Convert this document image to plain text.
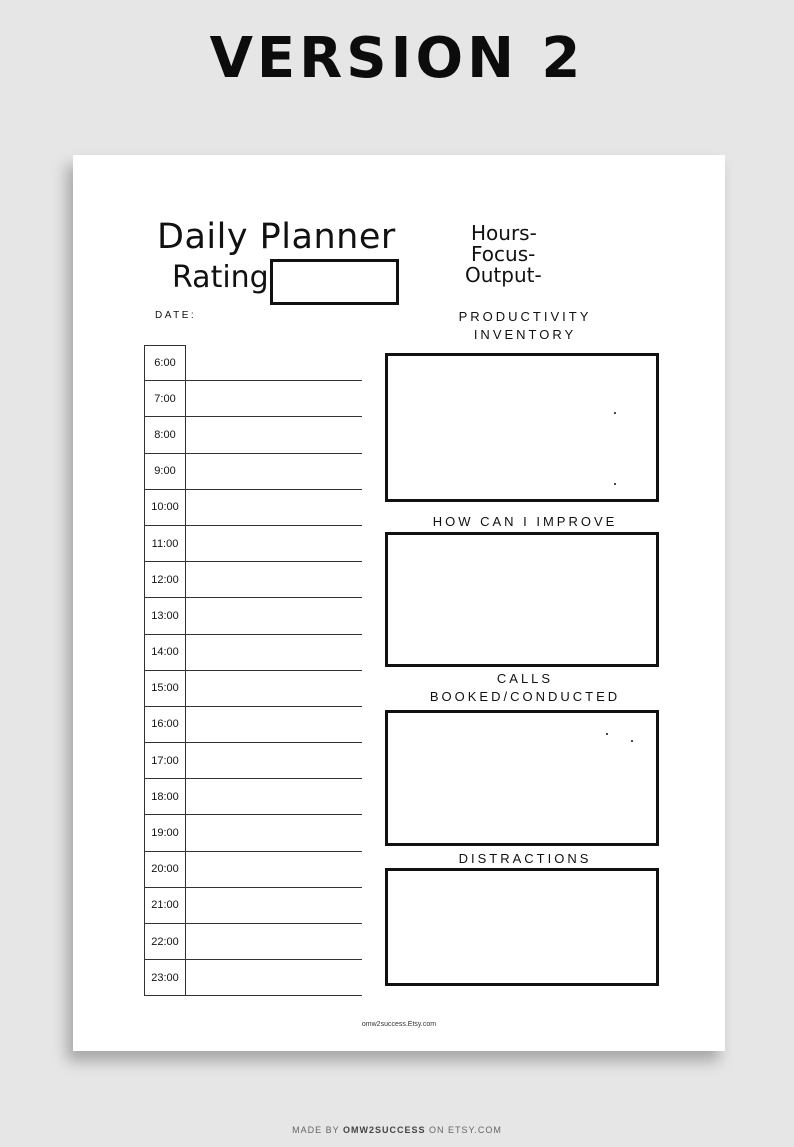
VERSION 2
Daily Planner
Rating
Hours-
Focus-
Output-
DATE:
6:00
7:00
8:00
9:00
10:00
11:00
12:00
13:00
14:00
15:00
16:00
17:00
18:00
19:00
20:00
21:00
22:00
23:00
PRODUCTIVITY
INVENTORY
HOW CAN I IMPROVE
CALLS
BOOKED/CONDUCTED
DISTRACTIONS
omw2success.Etsy.com
MADE BY OMW2SUCCESS ON ETSY.COM
